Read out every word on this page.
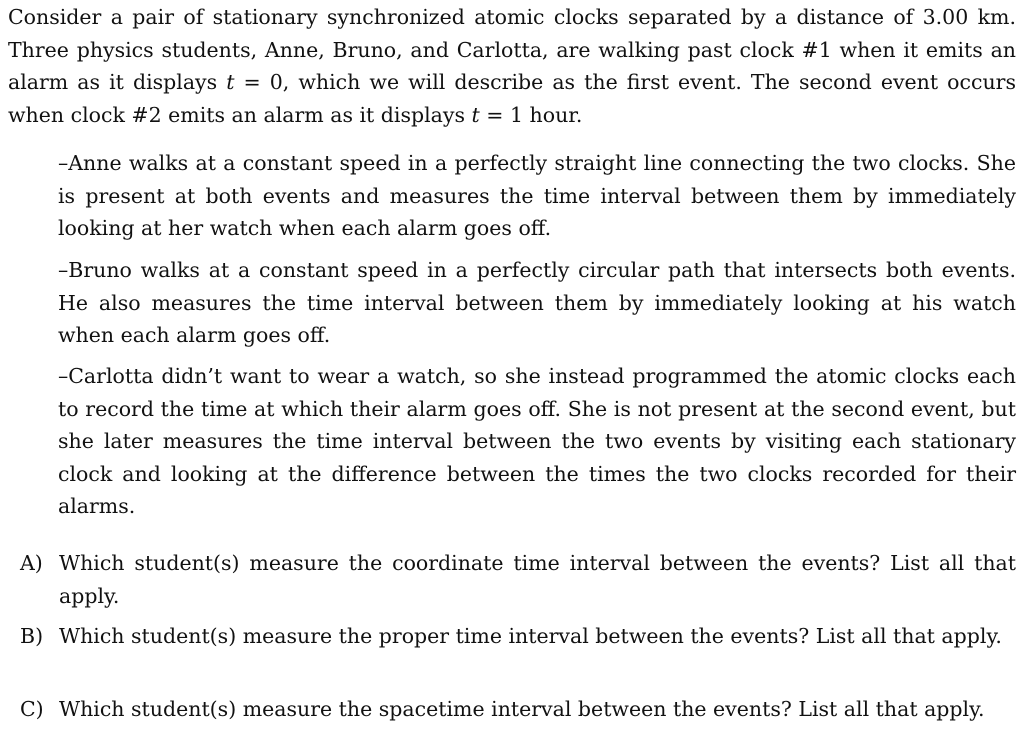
Consider a pair of stationary synchronized atomic clocks separated by a distance of 3.00 km. Three physics students, Anne, Bruno, and Carlotta, are walking past clock #1 when it emits an alarm as it displays t = 0, which we will describe as the first event. The second event occurs when clock #2 emits an alarm as it displays t = 1 hour.

–Anne walks at a constant speed in a perfectly straight line connecting the two clocks. She is present at both events and measures the time interval between them by immediately looking at her watch when each alarm goes off.

–Bruno walks at a constant speed in a perfectly circular path that intersects both events. He also measures the time interval between them by immediately looking at his watch when each alarm goes off.

–Carlotta didn’t want to wear a watch, so she instead programmed the atomic clocks each to record the time at which their alarm goes off. She is not present at the second event, but she later measures the time interval between the two events by visiting each stationary clock and looking at the difference between the times the two clocks recorded for their alarms.

A) Which student(s) measure the coordinate time interval between the events? List all that apply.
B) Which student(s) measure the proper time interval between the events? List all that apply.
C) Which student(s) measure the spacetime interval between the events? List all that apply.
